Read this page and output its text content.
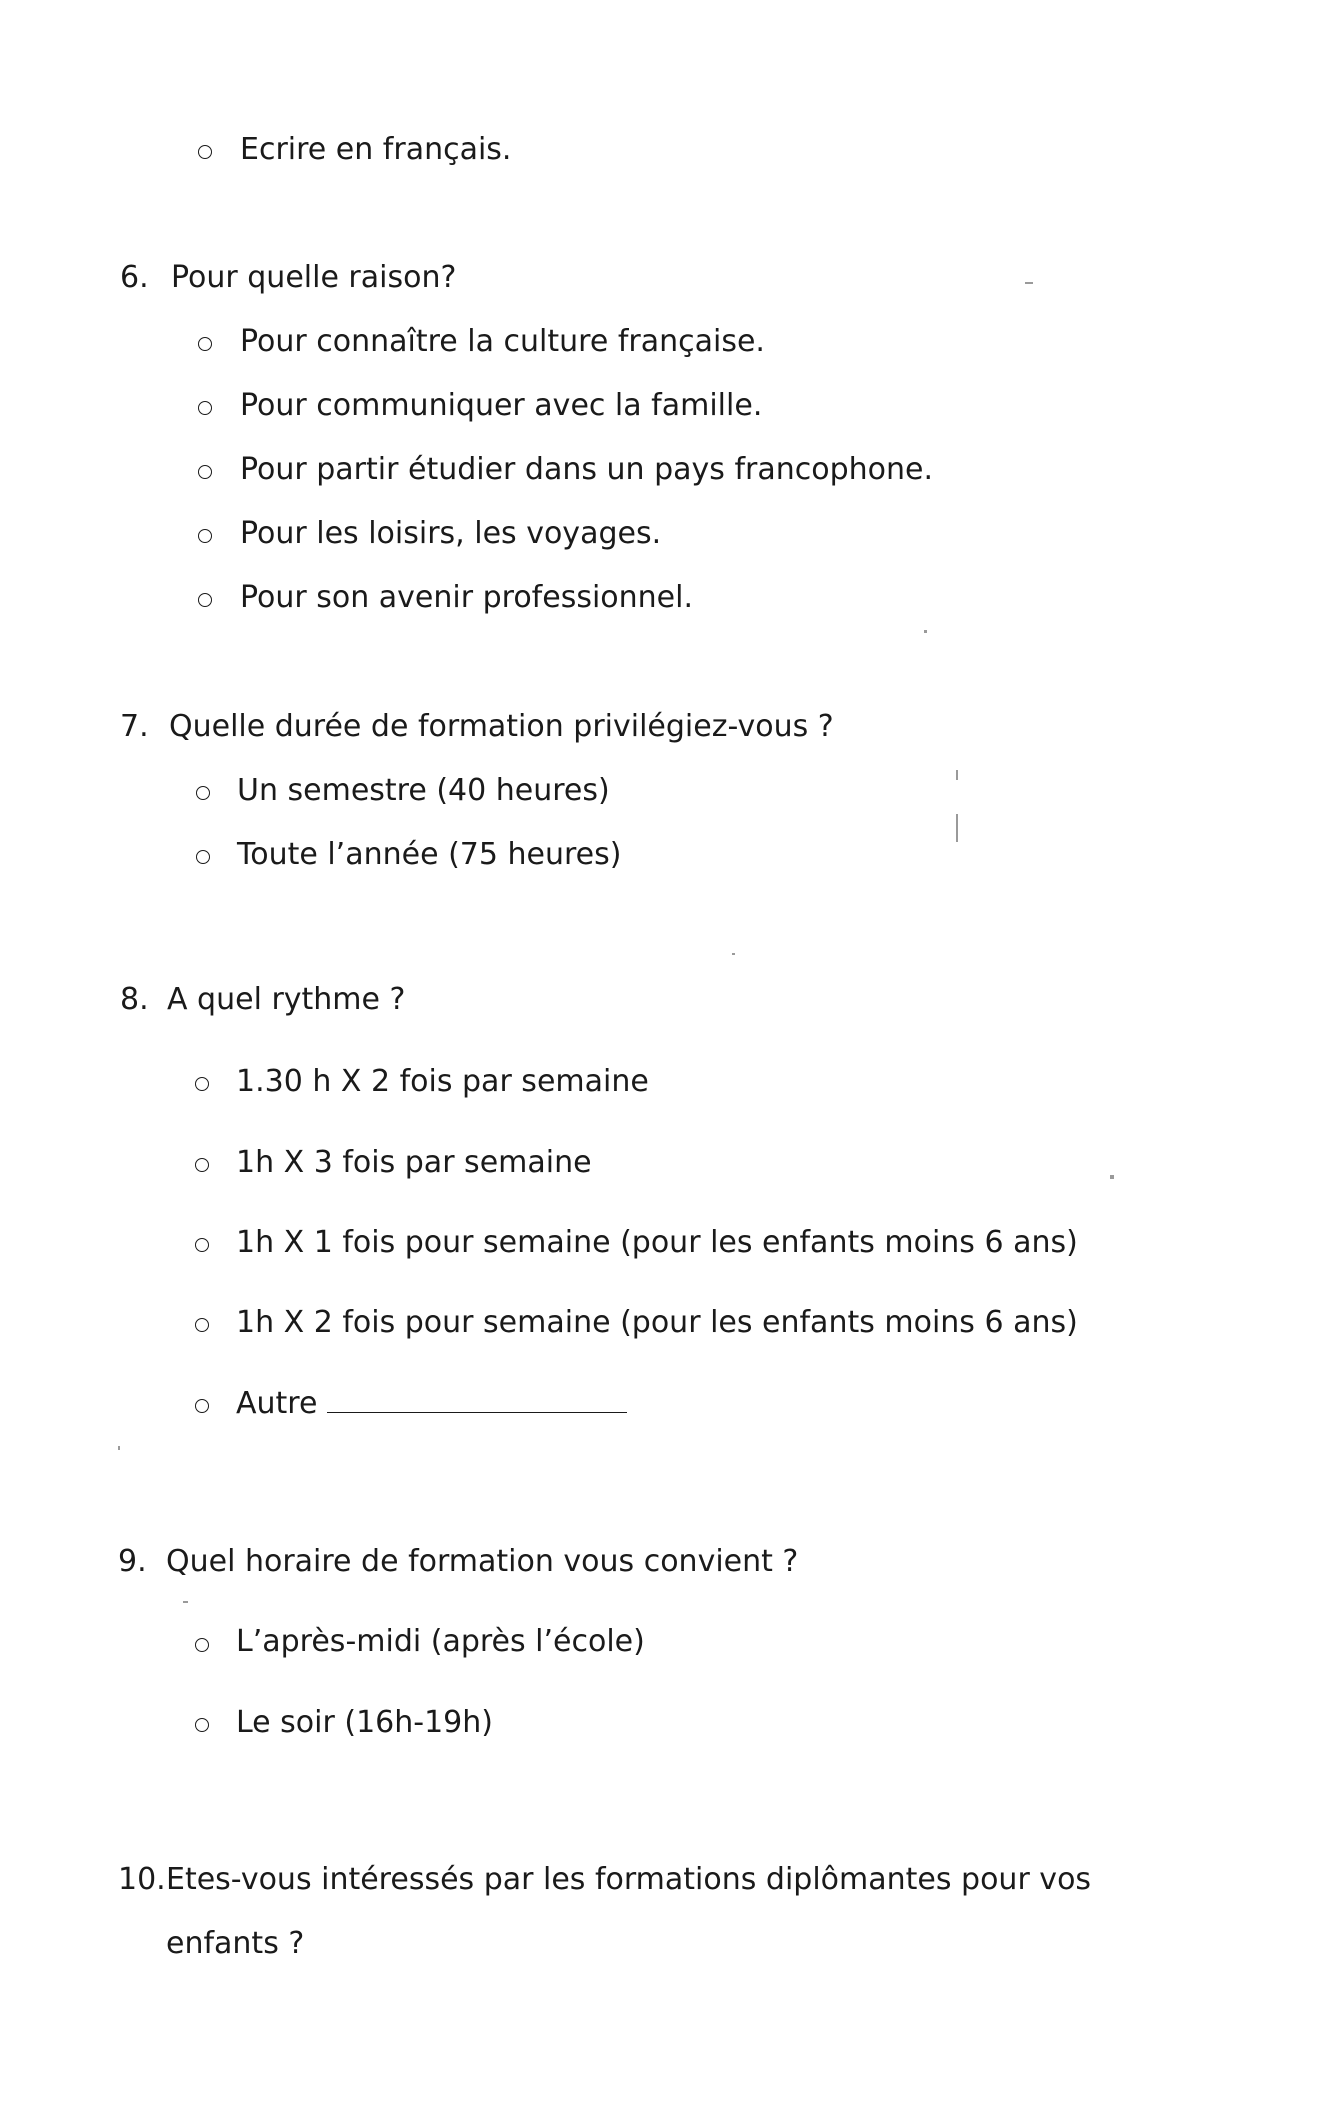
Ecrire en français.
6. Pour quelle raison?
Pour connaître la culture française.
Pour communiquer avec la famille.
Pour partir étudier dans un pays francophone.
Pour les loisirs, les voyages.
Pour son avenir professionnel.
7. Quelle durée de formation privilégiez-vous ?
Un semestre (40 heures)
Toute l’année (75 heures)
8. A quel rythme ?
1.30 h X 2 fois par semaine
1h X 3 fois par semaine
1h X 1 fois pour semaine (pour les enfants moins 6 ans)
1h X 2 fois pour semaine (pour les enfants moins 6 ans)
Autre
9. Quel horaire de formation vous convient ?
L’après-midi (après l’école)
Le soir (16h-19h)
10. Etes-vous intéressés par les formations diplômantes pour vos
enfants ?
